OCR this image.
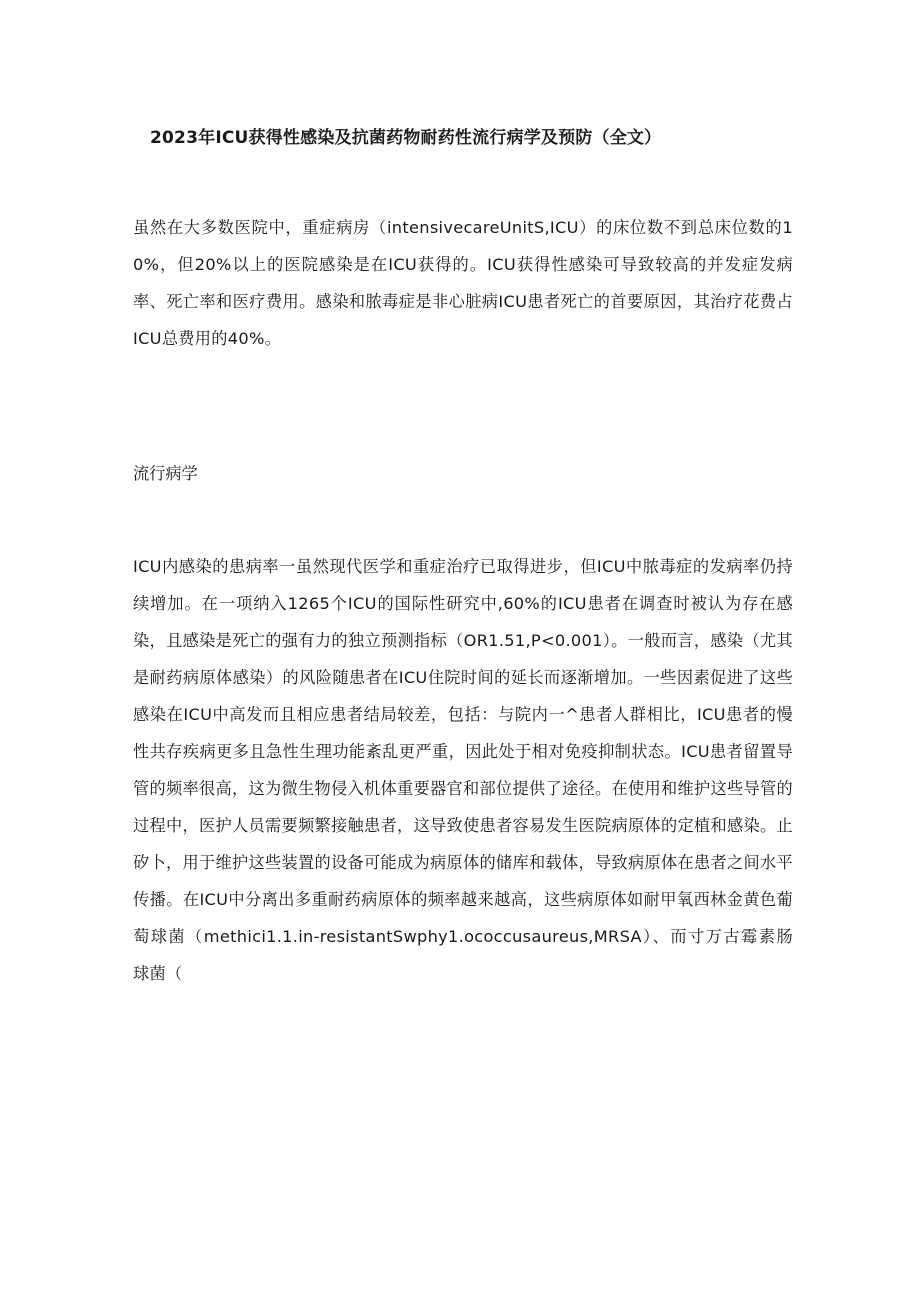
2023年ICU获得性感染及抗菌药物耐药性流行病学及预防（全文）
虽然在大多数医院中，重症病房（intensivecareUnitS,ICU）的床位数不到总床位数的10%，但20%以上的医院感染是在ICU获得的。ICU获得性感染可导致较高的并发症发病率、死亡率和医疗费用。感染和脓毒症是非心脏病ICU患者死亡的首要原因，其治疗花费占ICU总费用的40%。
流行病学
ICU内感染的患病率一虽然现代医学和重症治疗已取得进步，但ICU中脓毒症的发病率仍持续增加。在一项纳入1265个ICU的国际性研究中,60%的ICU患者在调查时被认为存在感染，且感染是死亡的强有力的独立预测指标（OR1.51,P<0.001）。一般而言，感染（尤其是耐药病原体感染）的风险随患者在ICU住院时间的延长而逐渐增加。一些因素促进了这些感染在ICU中高发而且相应患者结局较差，包括：与院内一^患者人群相比，ICU患者的慢性共存疾病更多且急性生理功能紊乱更严重，因此处于相对免疫抑制状态。ICU患者留置导管的频率很高，这为微生物侵入机体重要器官和部位提供了途径。在使用和维护这些导管的过程中，医护人员需要频繁接触患者，这导致使患者容易发生医院病原体的定植和感染。止矽卜，用于维护这些装置的设备可能成为病原体的储库和载体，导致病原体在患者之间水平传播。在ICU中分离出多重耐药病原体的频率越来越高，这些病原体如耐甲氧西林金黄色葡萄球菌（methici1.1.in-resistantSwphy1.ococcusaureus,MRSA）、而寸万古霉素肠球菌（
